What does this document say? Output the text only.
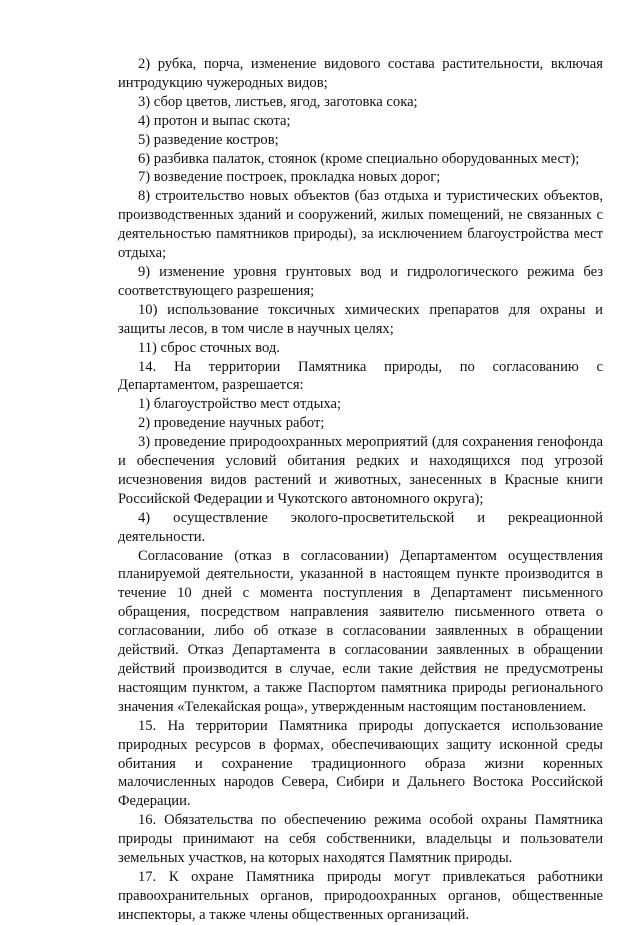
2) рубка, порча, изменение видового состава растительности, включая интродукцию чужеродных видов;

3) сбор цветов, листьев, ягод, заготовка сока;

4) протон и выпас скота;

5) разведение костров;

6) разбивка палаток, стоянок (кроме специально оборудованных мест);

7) возведение построек, прокладка новых дорог;

8) строительство новых объектов (баз отдыха и туристических объектов, производственных зданий и сооружений, жилых помещений, не связанных с деятельностью памятников природы), за исключением благоустройства мест отдыха;

9) изменение уровня грунтовых вод и гидрологического режима без соответствующего разрешения;

10) использование токсичных химических препаратов для охраны и защиты лесов, в том числе в научных целях;

11) сброс сточных вод.

14. На территории Памятника природы, по согласованию с Департаментом, разрешается:

1) благоустройство мест отдыха;

2) проведение научных работ;

3) проведение природоохранных мероприятий (для сохранения генофонда и обеспечения условий обитания редких и находящихся под угрозой исчезновения видов растений и животных, занесенных в Красные книги Российской Федерации и Чукотского автономного округа);

4) осуществление эколого-просветительской и рекреационной деятельности.

Согласование (отказ в согласовании) Департаментом осуществления планируемой деятельности, указанной в настоящем пункте производится в течение 10 дней с момента поступления в Департамент письменного обращения, посредством направления заявителю письменного ответа о согласовании, либо об отказе в согласовании заявленных в обращении действий. Отказ Департамента в согласовании заявленных в обращении действий производится в случае, если такие действия не предусмотрены настоящим пунктом, а также Паспортом памятника природы регионального значения «Телекайская роща», утвержденным настоящим постановлением.

15. На территории Памятника природы допускается использование природных ресурсов в формах, обеспечивающих защиту исконной среды обитания и сохранение традиционного образа жизни коренных малочисленных народов Севера, Сибири и Дальнего Востока Российской Федерации.

16. Обязательства по обеспечению режима особой охраны Памятника природы принимают на себя собственники, владельцы и пользователи земельных участков, на которых находятся Памятник природы.

17. К охране Памятника природы могут привлекаться работники правоохранительных органов, природоохранных органов, общественные инспекторы, а также члены общественных организаций.
